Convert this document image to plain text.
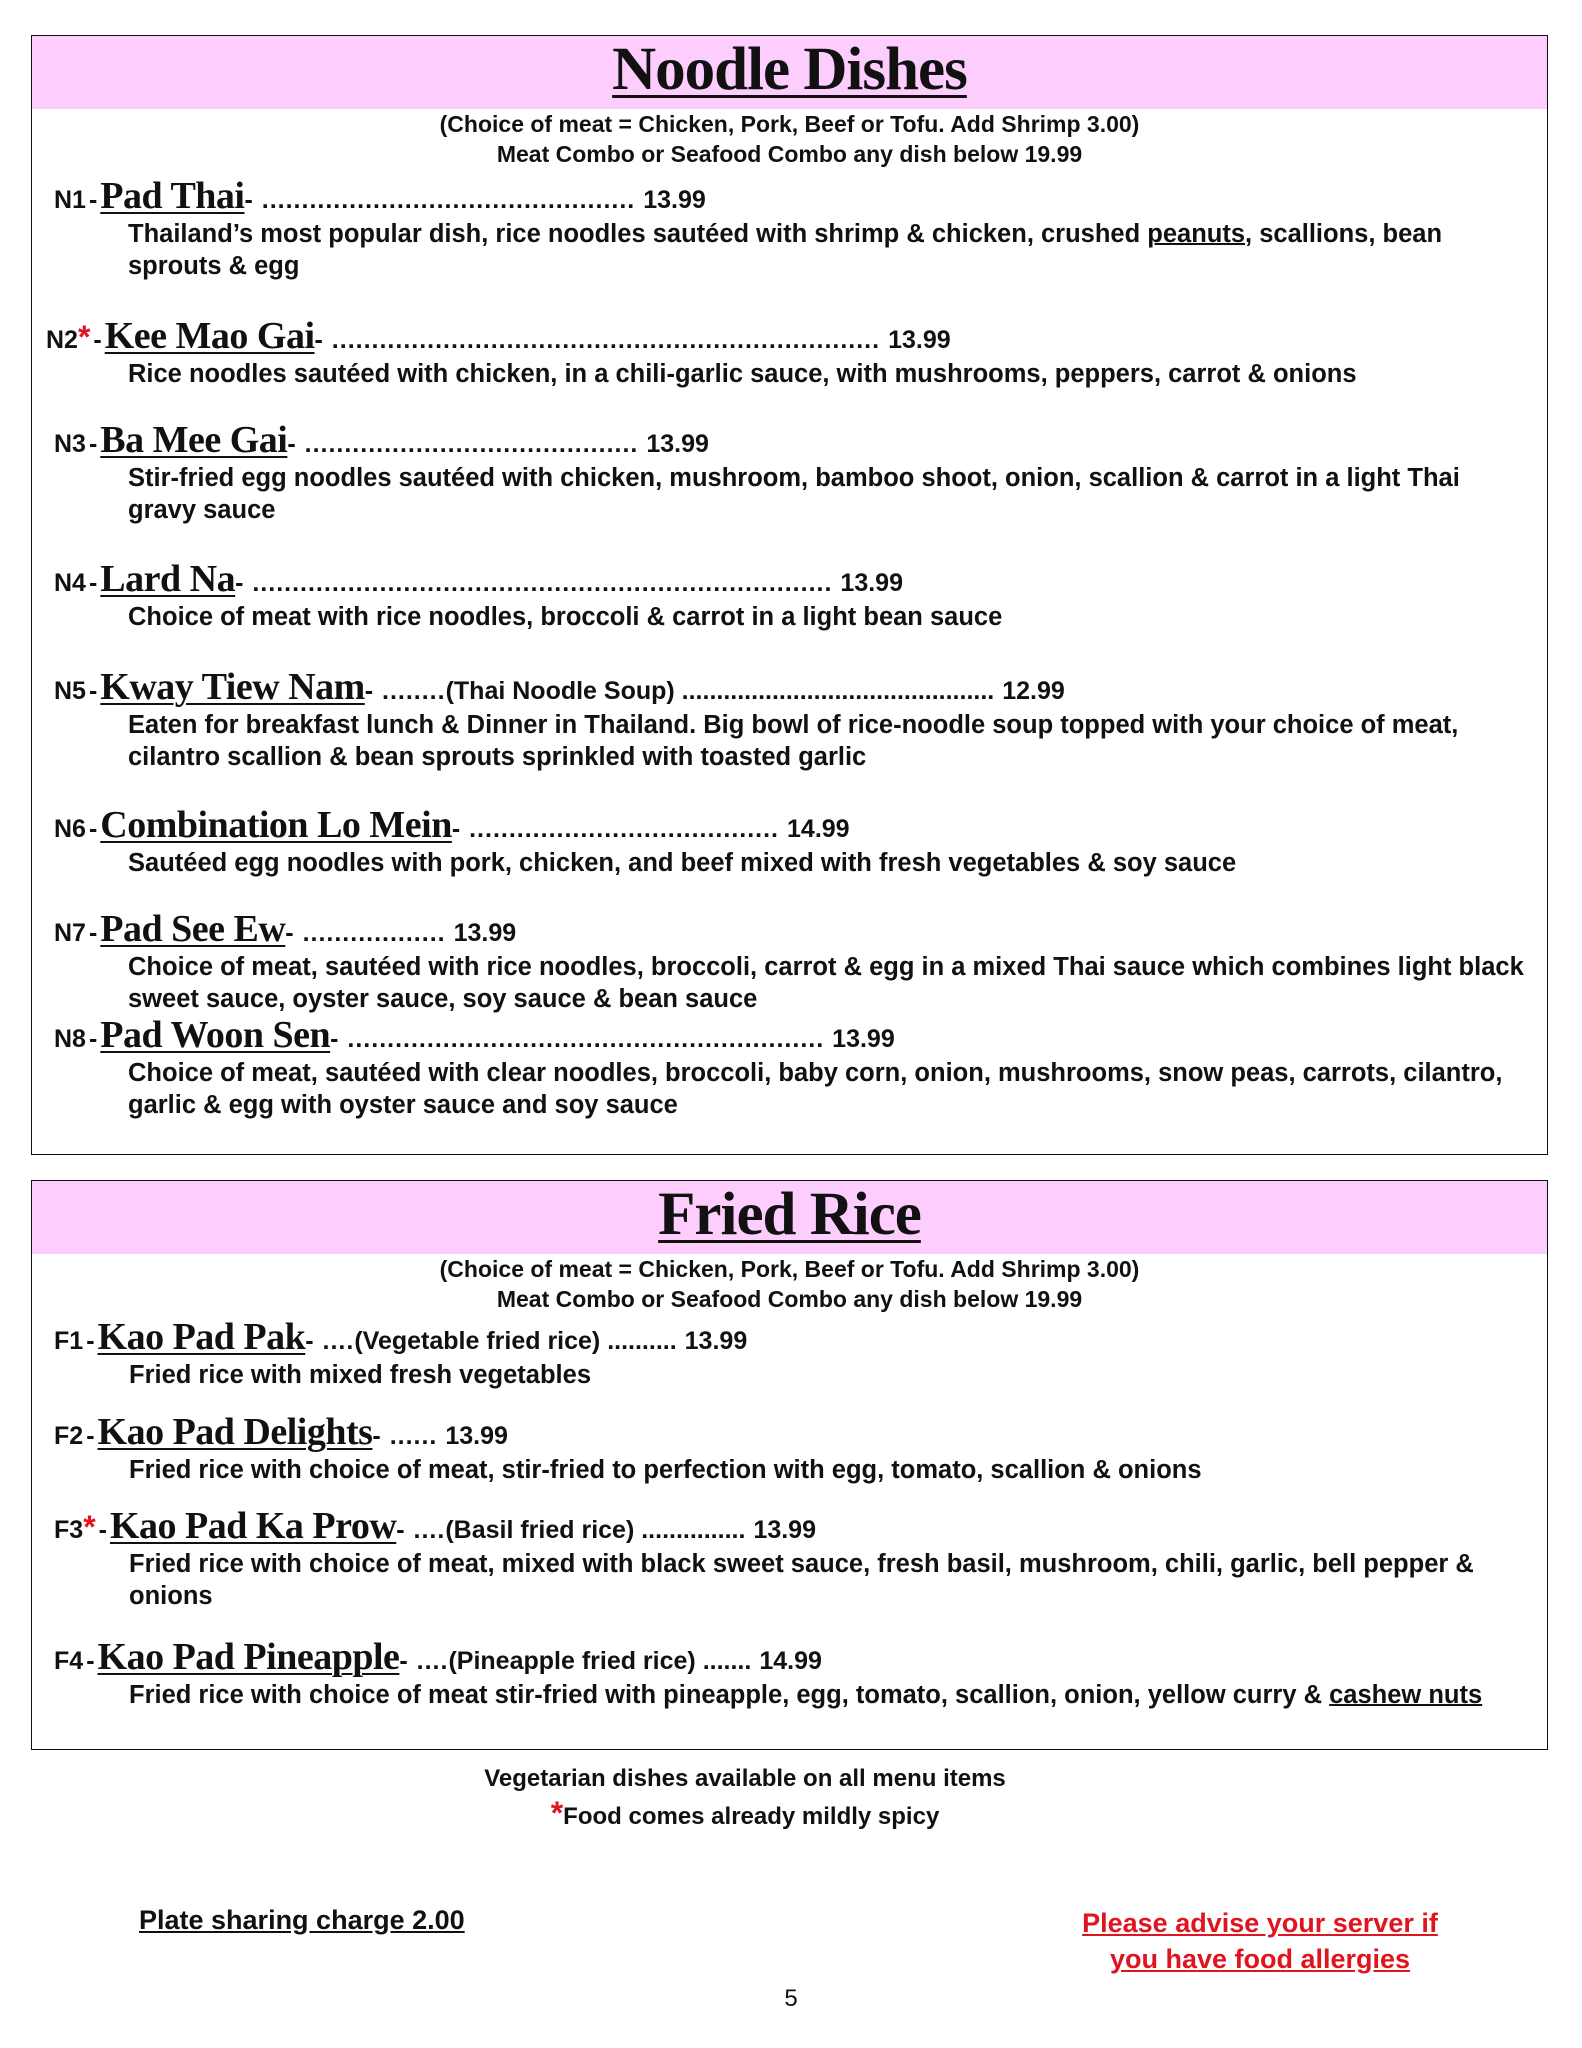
Noodle Dishes
(Choice of meat = Chicken, Pork, Beef or Tofu. Add Shrimp 3.00)
Meat Combo or Seafood Combo any dish below 19.99
N1 - Pad Thai - ............................................... 13.99
Thailand’s most popular dish, rice noodles sautéed with shrimp & chicken, crushed peanuts, scallions, bean sprouts & egg
N2 * - Kee Mao Gai - ..................................................................... 13.99
Rice noodles sautéed with chicken, in a chili-garlic sauce, with mushrooms, peppers, carrot & onions
N3 - Ba Mee Gai - .......................................... 13.99
Stir-fried egg noodles sautéed with chicken, mushroom, bamboo shoot, onion, scallion & carrot in a light Thai gravy sauce
N4 - Lard Na - ......................................................................... 13.99
Choice of meat with rice noodles, broccoli & carrot in a light bean sauce
N5 - Kway Tiew Nam - ........ (Thai Noodle Soup) ............................................. 12.99
Eaten for breakfast lunch & Dinner in Thailand. Big bowl of rice-noodle soup topped with your choice of meat, cilantro scallion & bean sprouts sprinkled with toasted garlic
N6 - Combination Lo Mein - ....................................... 14.99
Sautéed egg noodles with pork, chicken, and beef mixed with fresh vegetables & soy sauce
N7 - Pad See Ew - .................. 13.99
Choice of meat, sautéed with rice noodles, broccoli, carrot & egg in a mixed Thai sauce which combines light black sweet sauce, oyster sauce, soy sauce & bean sauce
N8 - Pad Woon Sen - ............................................................ 13.99
Choice of meat, sautéed with clear noodles, broccoli, baby corn, onion, mushrooms, snow peas, carrots, cilantro, garlic & egg with oyster sauce and soy sauce
Fried Rice
(Choice of meat = Chicken, Pork, Beef or Tofu. Add Shrimp 3.00)
Meat Combo or Seafood Combo any dish below 19.99
F1 - Kao Pad Pak - .... (Vegetable fried rice) .......... 13.99
Fried rice with mixed fresh vegetables
F2 - Kao Pad Delights - ...... 13.99
Fried rice with choice of meat, stir-fried to perfection with egg, tomato, scallion & onions
F3 * - Kao Pad Ka Prow - .... (Basil fried rice) ............... 13.99
Fried rice with choice of meat, mixed with black sweet sauce, fresh basil, mushroom, chili, garlic, bell pepper & onions
F4 - Kao Pad Pineapple - .... (Pineapple fried rice) ....... 14.99
Fried rice with choice of meat stir-fried with pineapple, egg, tomato, scallion, onion, yellow curry & cashew nuts
Vegetarian dishes available on all menu items
*Food comes already mildly spicy
Plate sharing charge 2.00	Please advise your server if
you have food allergies
5
